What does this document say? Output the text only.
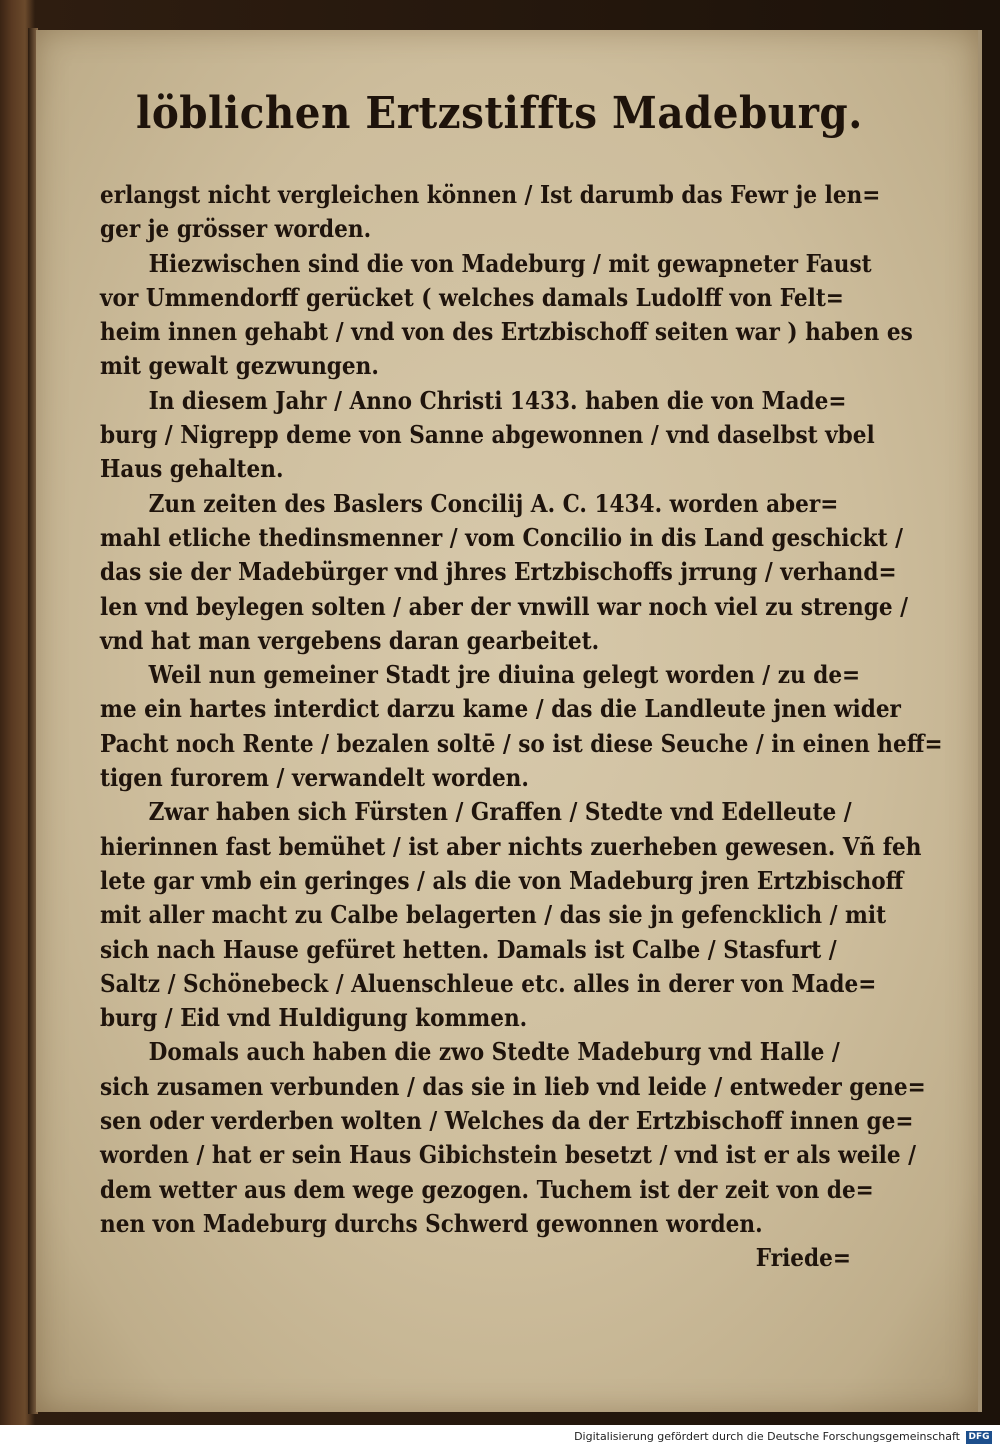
löblichen Ertzstiffts Madeburg.
erlangst nicht vergleichen können / Ist darumb das Fewr je len=
ger je grösser worden.
Hiezwischen sind die von Madeburg / mit gewapneter Faust
vor Ummendorff gerücket ( welches damals Ludolff von Felt=
heim innen gehabt / vnd von des Ertzbischoff seiten war ) haben es
mit gewalt gezwungen.
In diesem Jahr / Anno Christi 1433. haben die von Made=
burg / Nigrepp deme von Sanne abgewonnen / vnd daselbst vbel
Haus gehalten.
Zun zeiten des Baslers Concilij A. C. 1434. worden aber=
mahl etliche thedinsmenner / vom Concilio in dis Land geschickt /
das sie der Madebürger vnd jhres Ertzbischoffs jrrung / verhand=
len vnd beylegen solten / aber der vnwill war noch viel zu strenge /
vnd hat man vergebens daran gearbeitet.
Weil nun gemeiner Stadt jre diuina gelegt worden / zu de=
me ein hartes interdict darzu kame / das die Landleute jnen wider
Pacht noch Rente / bezalen soltē / so ist diese Seuche / in einen heff=
tigen furorem / verwandelt worden.
Zwar haben sich Fürsten / Graffen / Stedte vnd Edelleute /
hierinnen fast bemühet / ist aber nichts zuerheben gewesen. Vñ feh
lete gar vmb ein geringes / als die von Madeburg jren Ertzbischoff
mit aller macht zu Calbe belagerten / das sie jn gefencklich / mit
sich nach Hause gefüret hetten. Damals ist Calbe / Stasfurt /
Saltz / Schönebeck / Aluenschleue etc. alles in derer von Made=
burg / Eid vnd Huldigung kommen.
Domals auch haben die zwo Stedte Madeburg vnd Halle /
sich zusamen verbunden / das sie in lieb vnd leide / entweder gene=
sen oder verderben wolten / Welches da der Ertzbischoff innen ge=
worden / hat er sein Haus Gibichstein besetzt / vnd ist er als weile /
dem wetter aus dem wege gezogen. Tuchem ist der zeit von de=
nen von Madeburg durchs Schwerd gewonnen worden.
Friede=
Digitalisierung gefördert durch die Deutsche Forschungsgemeinschaft DFG
